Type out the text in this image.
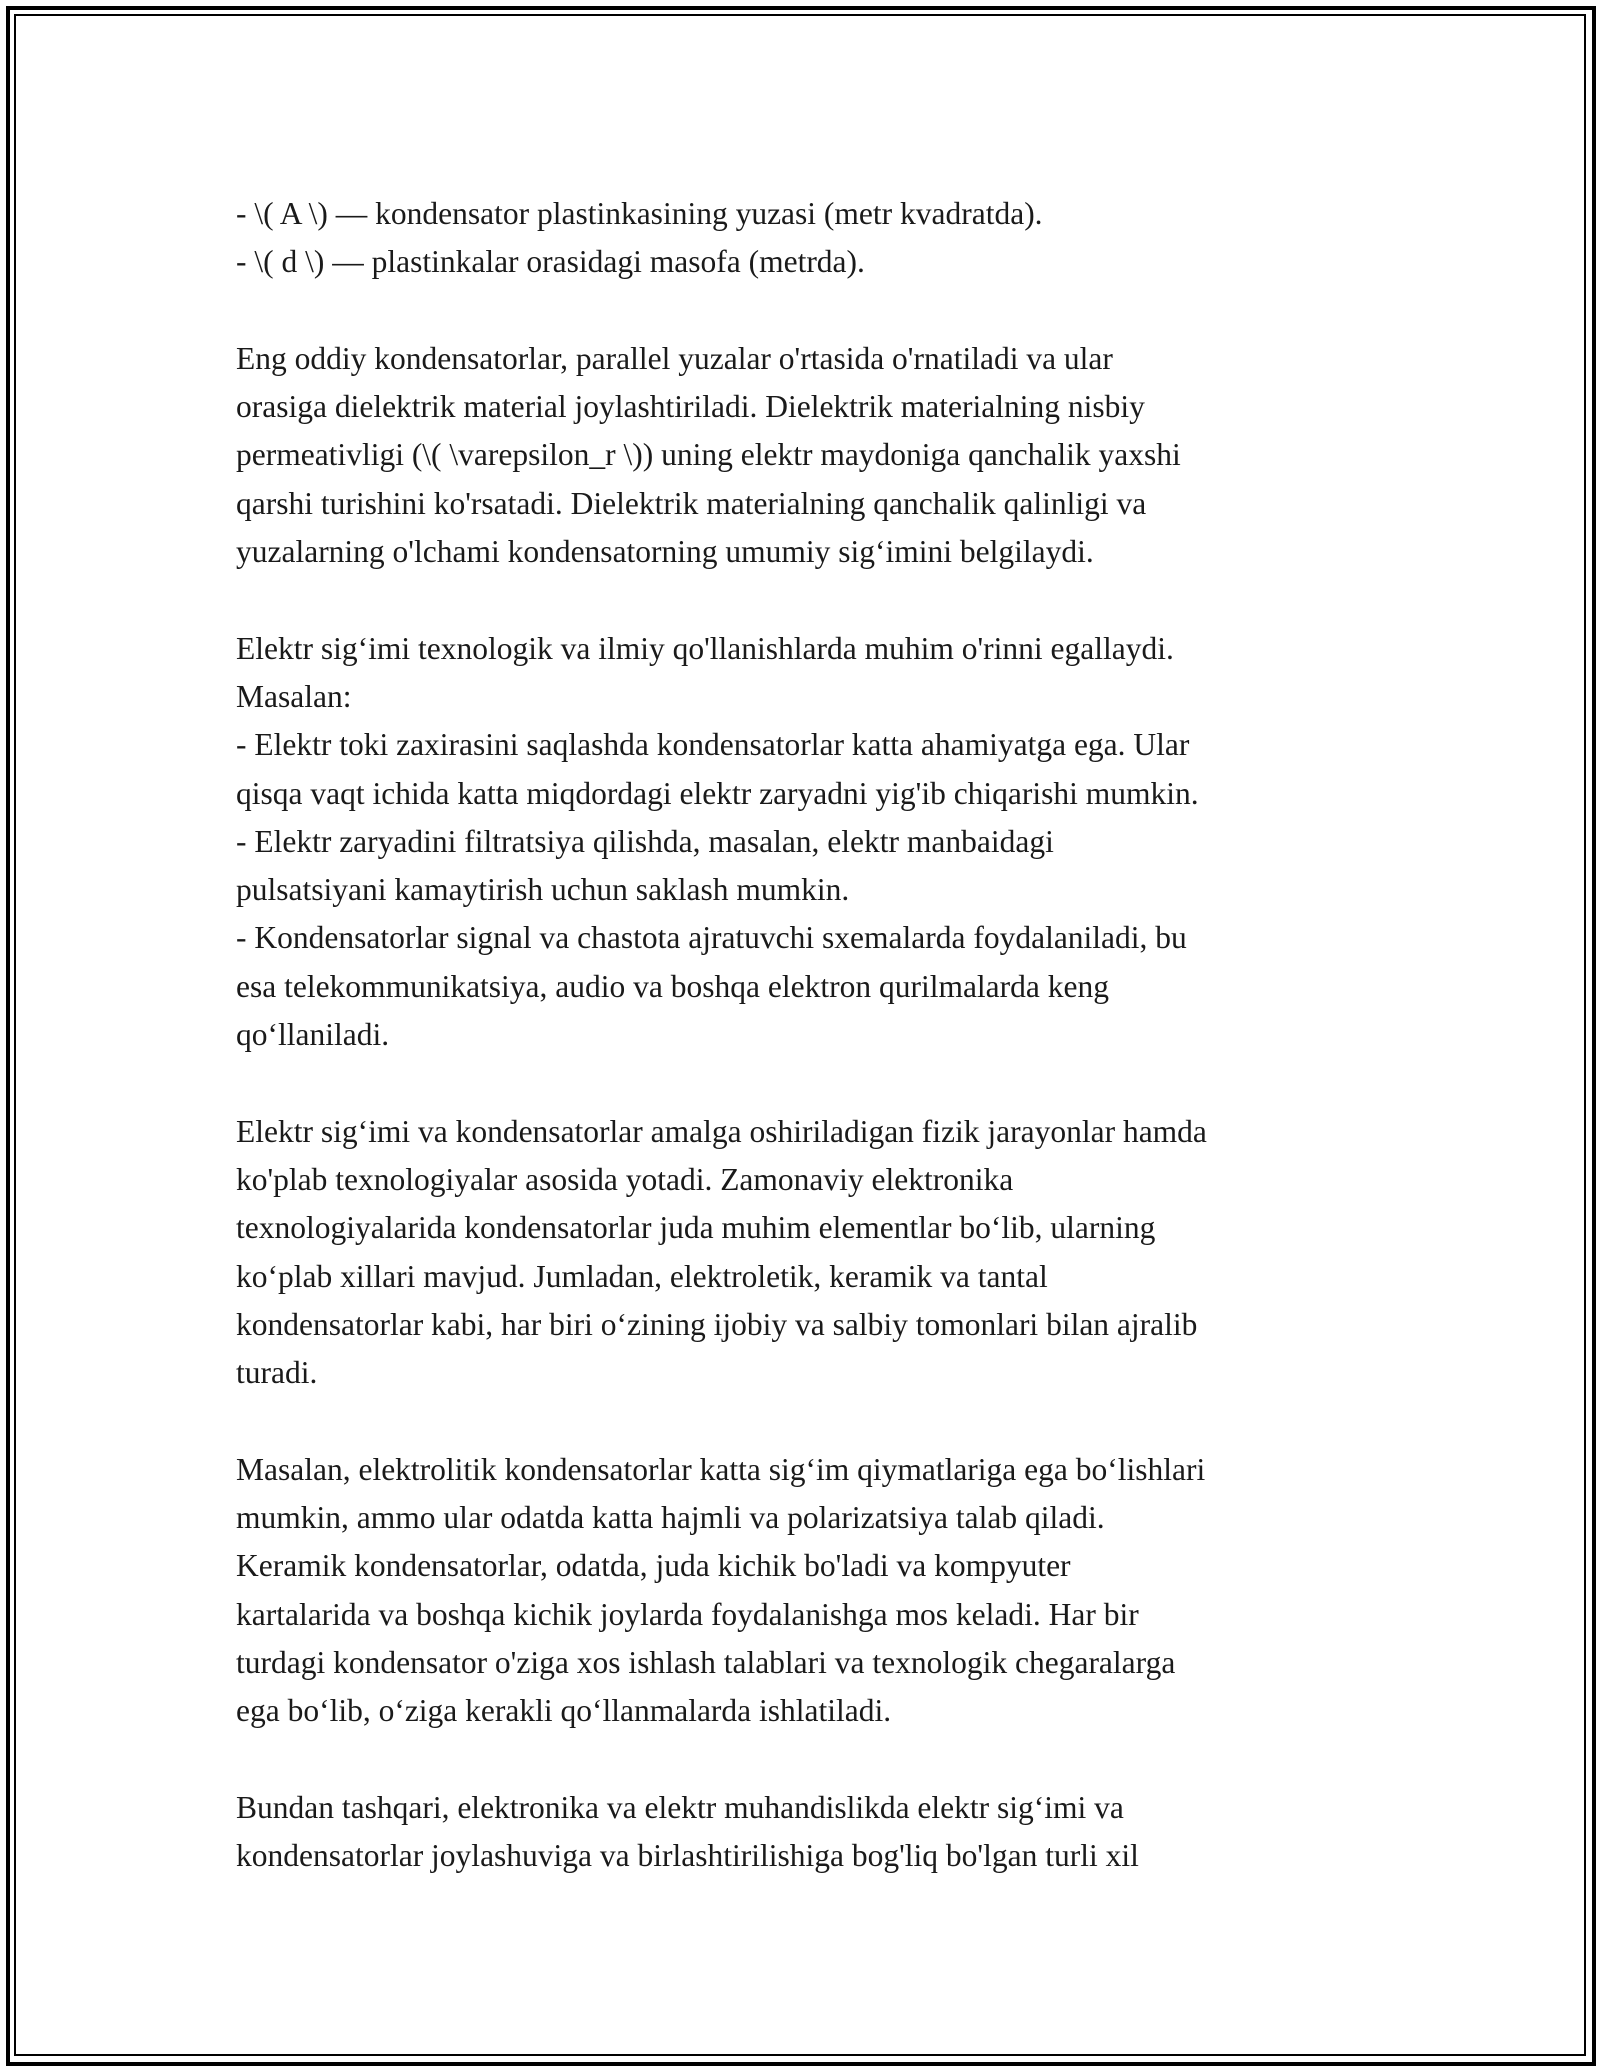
- \( A \) — kondensator plastinkasining yuzasi (metr kvadratda).
- \( d \) — plastinkalar orasidagi masofa (metrda).
Eng oddiy kondensatorlar, parallel yuzalar o'rtasida o'rnatiladi va ular
orasiga dielektrik material joylashtiriladi. Dielektrik materialning nisbiy
permeativligi (\( \varepsilon_r \)) uning elektr maydoniga qanchalik yaxshi
qarshi turishini ko'rsatadi. Dielektrik materialning qanchalik qalinligi va
yuzalarning o'lchami kondensatorning umumiy sig‘imini belgilaydi.
Elektr sig‘imi texnologik va ilmiy qo'llanishlarda muhim o'rinni egallaydi.
Masalan:
- Elektr toki zaxirasini saqlashda kondensatorlar katta ahamiyatga ega. Ular
qisqa vaqt ichida katta miqdordagi elektr zaryadni yig'ib chiqarishi mumkin.
- Elektr zaryadini filtratsiya qilishda, masalan, elektr manbaidagi
pulsatsiyani kamaytirish uchun saklash mumkin.
- Kondensatorlar signal va chastota ajratuvchi sxemalarda foydalaniladi, bu
esa telekommunikatsiya, audio va boshqa elektron qurilmalarda keng
qo‘llaniladi.
Elektr sig‘imi va kondensatorlar amalga oshiriladigan fizik jarayonlar hamda
ko'plab texnologiyalar asosida yotadi. Zamonaviy elektronika
texnologiyalarida kondensatorlar juda muhim elementlar bo‘lib, ularning
ko‘plab xillari mavjud. Jumladan, elektroletik, keramik va tantal
kondensatorlar kabi, har biri o‘zining ijobiy va salbiy tomonlari bilan ajralib
turadi.
Masalan, elektrolitik kondensatorlar katta sig‘im qiymatlariga ega bo‘lishlari
mumkin, ammo ular odatda katta hajmli va polarizatsiya talab qiladi.
Keramik kondensatorlar, odatda, juda kichik bo'ladi va kompyuter
kartalarida va boshqa kichik joylarda foydalanishga mos keladi. Har bir
turdagi kondensator o'ziga xos ishlash talablari va texnologik chegaralarga
ega bo‘lib, o‘ziga kerakli qo‘llanmalarda ishlatiladi.
Bundan tashqari, elektronika va elektr muhandislikda elektr sig‘imi va
kondensatorlar joylashuviga va birlashtirilishiga bog'liq bo'lgan turli xil
